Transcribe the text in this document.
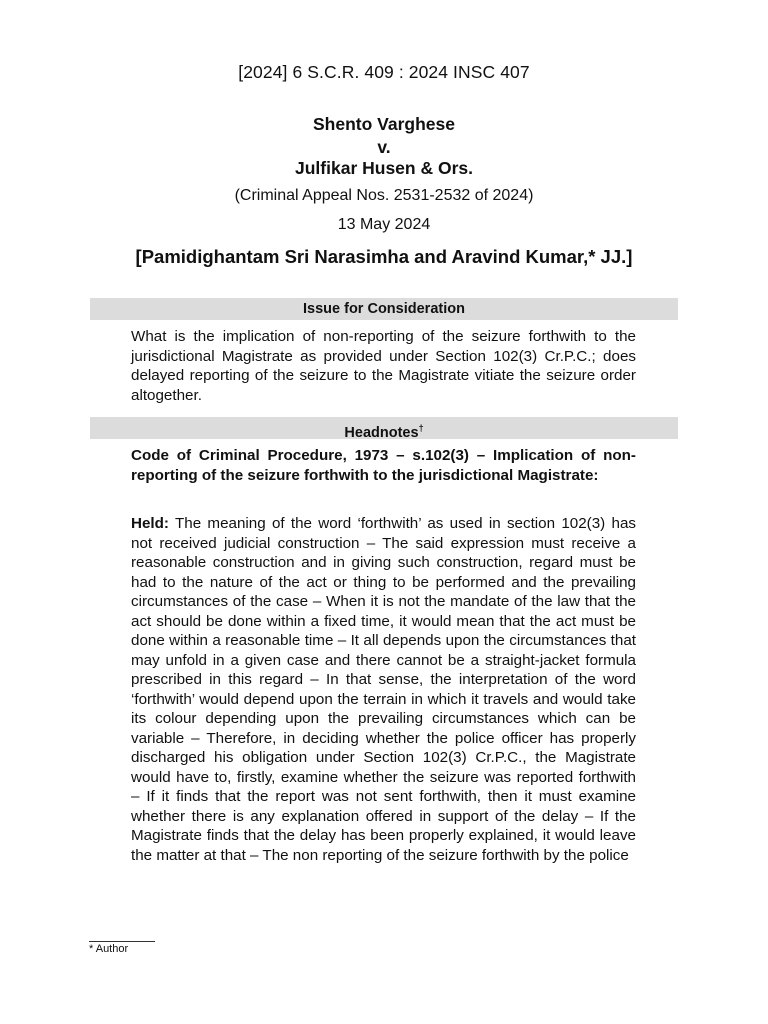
[2024] 6 S.C.R. 409 : 2024 INSC 407
Shento Varghese
v.
Julfikar Husen & Ors.
(Criminal Appeal Nos. 2531-2532 of 2024)
13 May 2024
[Pamidighantam Sri Narasimha and Aravind Kumar,* JJ.]
Issue for Consideration

What is the implication of non-reporting of the seizure forthwith to the jurisdictional Magistrate as provided under Section 102(3) Cr.P.C.; does delayed reporting of the seizure to the Magistrate vitiate the seizure order altogether.

Headnotes†

Code of Criminal Procedure, 1973 – s.102(3) – Implication of non-reporting of the seizure forthwith to the jurisdictional Magistrate:

Held: The meaning of the word ‘forthwith’ as used in section 102(3) has not received judicial construction – The said expression must receive a reasonable construction and in giving such construction, regard must be had to the nature of the act or thing to be performed and the prevailing circumstances of the case – When it is not the mandate of the law that the act should be done within a fixed time, it would mean that the act must be done within a reasonable time – It all depends upon the circumstances that may unfold in a given case and there cannot be a straight-jacket formula prescribed in this regard – In that sense, the interpretation of the word ‘forthwith’ would depend upon the terrain in which it travels and would take its colour depending upon the prevailing circumstances which can be variable – Therefore, in deciding whether the police officer has properly discharged his obligation under Section 102(3) Cr.P.C., the Magistrate would have to, firstly, examine whether the seizure was reported forthwith – If it finds that the report was not sent forthwith, then it must examine whether there is any explanation offered in support of the delay – If the Magistrate finds that the delay has been properly explained, it would leave the matter at that – The non reporting of the seizure forthwith by the police

* Author
